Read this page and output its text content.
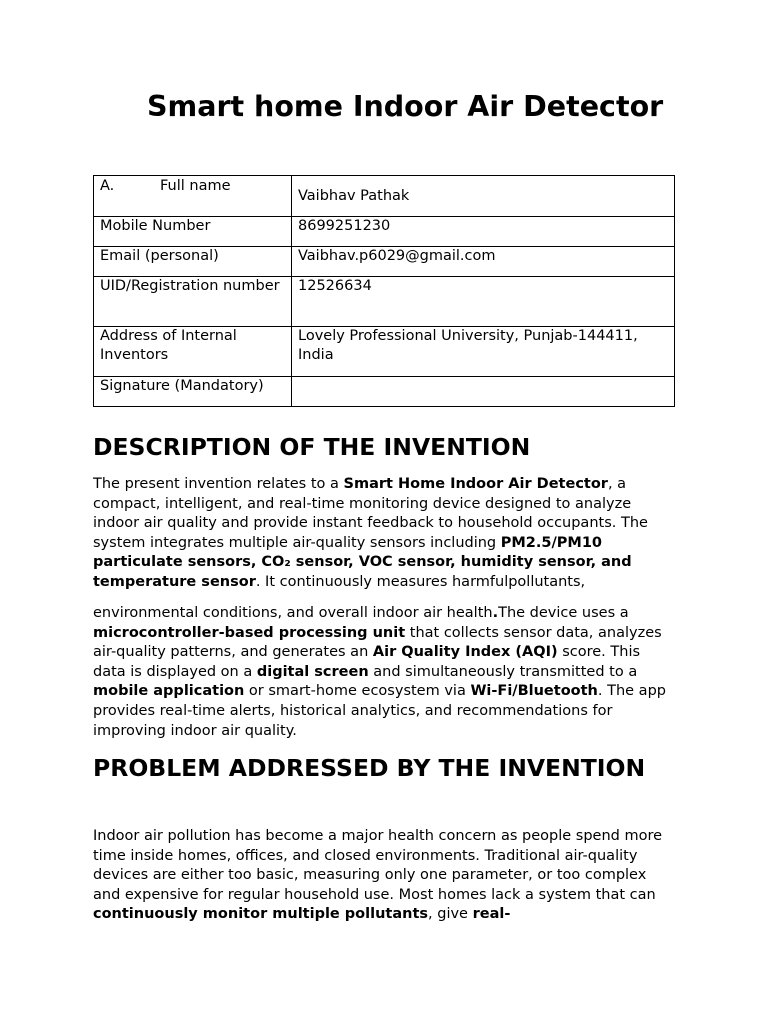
Smart home Indoor Air Detector
A. Full name	Vaibhav Pathak
Mobile Number	8699251230
Email (personal)	Vaibhav.p6029@gmail.com
UID/Registration number	12526634
Address of Internal Inventors	Lovely Professional University, Punjab-144411, India
Signature (Mandatory)	
DESCRIPTION OF THE INVENTION

The present invention relates to a Smart Home Indoor Air Detector, a compact, intelligent, and real-time monitoring device designed to analyze indoor air quality and provide instant feedback to household occupants. The system integrates multiple air-quality sensors including PM2.5/PM10 particulate sensors, CO₂ sensor, VOC sensor, humidity sensor, and temperature sensor. It continuously measures harmfulpollutants,

environmental conditions, and overall indoor air health.The device uses a microcontroller-based processing unit that collects sensor data, analyzes air-quality patterns, and generates an Air Quality Index (AQI) score. This data is displayed on a digital screen and simultaneously transmitted to a mobile application or smart-home ecosystem via Wi-Fi/Bluetooth. The app provides real-time alerts, historical analytics, and recommendations for improving indoor air quality.

PROBLEM ADDRESSED BY THE INVENTION

Indoor air pollution has become a major health concern as people spend more time inside homes, offices, and closed environments. Traditional air-quality devices are either too basic, measuring only one parameter, or too complex and expensive for regular household use. Most homes lack a system that can continuously monitor multiple pollutants, give real-
